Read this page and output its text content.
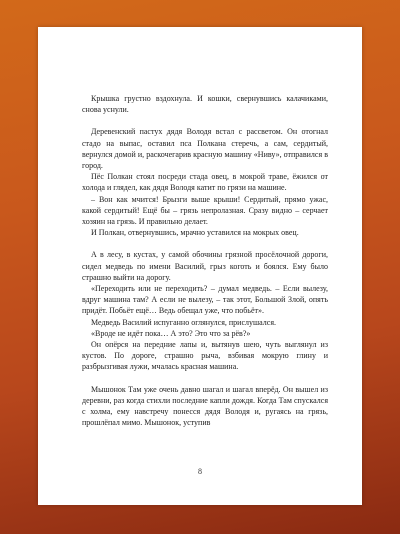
Крышка грустно вздохнула. И кошки, свернувшись калачиками, снова уснули.

Деревенский пастух дядя Володя встал с рассветом. Он отогнал стадо на выпас, оставил пса Полкана стеречь, а сам, сердитый, вернулся домой и, раскочегарив красную машину «Ниву», отправился в город.

Пёс Полкан стоял посреди стада овец, в мокрой траве, ёжился от холода и глядел, как дядя Володя катит по грязи на машине.

– Вон как мчится! Брызги выше крыши! Сердитый, прямо ужас, какой сердитый! Ещё бы – грязь непролазная. Сразу видно – серчает хозяин на грязь. И правильно делает.

И Полкан, отвернувшись, мрачно уставился на мокрых овец.

А в лесу, в кустах, у самой обочины грязной просёлочной дороги, сидел медведь по имени Василий, грыз коготь и боялся. Ему было страшно выйти на дорогу.

«Переходить или не переходить? – думал медведь. – Если вылезу, вдруг машина там? А если не вылезу, – так этот, Большой Злой, опять придёт. Побьёт ещё… Ведь обещал уже, что побьёт».

Медведь Василий испуганно оглянулся, прислушался.

«Вроде не идёт пока… А это? Это что за рёв?»

Он опёрся на передние лапы и, вытянув шею, чуть выглянул из кустов. По дороге, страшно рыча, взбивая мокрую глину и разбрызгивая лужи, мчалась красная машина.

Мышонок Там уже очень давно шагал и шагал вперёд. Он вышел из деревни, раз когда стихли последние капли дождя. Когда Там спускался с холма, ему навстречу понесся дядя Володя и, ругаясь на грязь, прошлёпал мимо. Мышонок, уступив

8
